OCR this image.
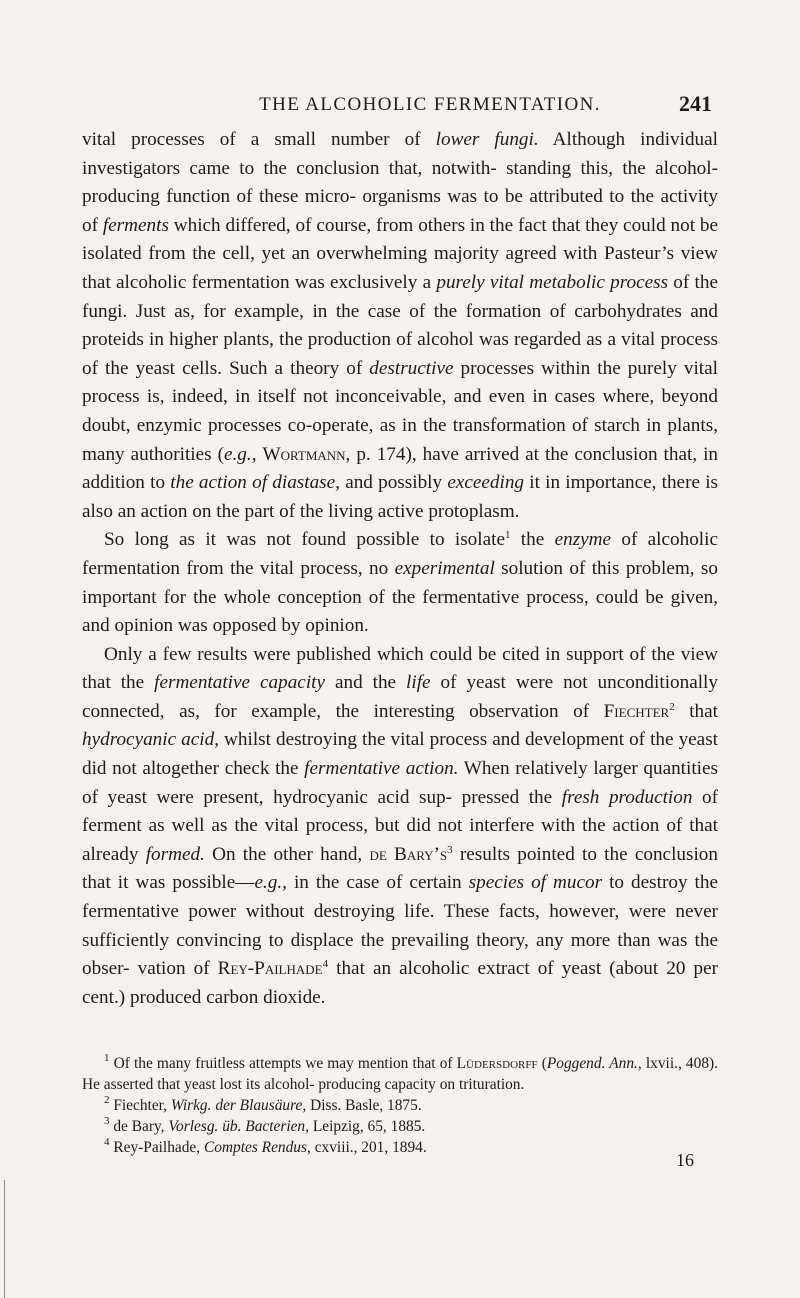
THE ALCOHOLIC FERMENTATION.	241

vital processes of a small number of lower fungi. Although individual investigators came to the conclusion that, notwith- standing this, the alcohol-producing function of these micro- organisms was to be attributed to the activity of ferments which differed, of course, from others in the fact that they could not be isolated from the cell, yet an overwhelming majority agreed with Pasteur’s view that alcoholic fermentation was exclusively a purely vital metabolic process of the fungi. Just as, for example, in the case of the formation of carbohydrates and proteids in higher plants, the production of alcohol was regarded as a vital process of the yeast cells. Such a theory of destructive processes within the purely vital process is, indeed, in itself not inconceivable, and even in cases where, beyond doubt, enzymic processes co-operate, as in the transformation of starch in plants, many authorities (e.g., Wortmann, p. 174), have arrived at the conclusion that, in addition to the action of diastase, and possibly exceeding it in importance, there is also an action on the part of the living active protoplasm.

So long as it was not found possible to isolate$^1$ the enzyme of alcoholic fermentation from the vital process, no experimental solution of this problem, so important for the whole conception of the fermentative process, could be given, and opinion was opposed by opinion.

Only a few results were published which could be cited in support of the view that the fermentative capacity and the life of yeast were not unconditionally connected, as, for example, the interesting observation of Fiechter$^2$ that hydrocyanic acid, whilst destroying the vital process and development of the yeast did not altogether check the fermentative action. When relatively larger quantities of yeast were present, hydrocyanic acid sup- pressed the fresh production of ferment as well as the vital process, but did not interfere with the action of that already formed. On the other hand, de $Bary’s^3$ results pointed to the conclusion that it was possible—e.g., in the case of certain species of mucor to destroy the fermentative power without destroying life. These facts, however, were never sufficiently convincing to displace the prevailing theory, any more than was the obser- vation of Rey-Pailhade$^4$ that an alcoholic extract of yeast (about 20 per cent.) produced carbon dioxide.

$^1$ Of the many fruitless attempts we may mention that of Lüdersdorff (Poggend. Ann., lxvii., 408). He asserted that yeast lost its alcohol- producing capacity on trituration.

$^2$ Fiechter, Wirkg. der Blausäure, Diss. Basle, 1875.

$^3$ de Bary, Vorlesg. üb. Bacterien, Leipzig, 65, 1885.

$^4$ Rey-Pailhade, Comptes Rendus, cxviii., 201, 1894.

16
